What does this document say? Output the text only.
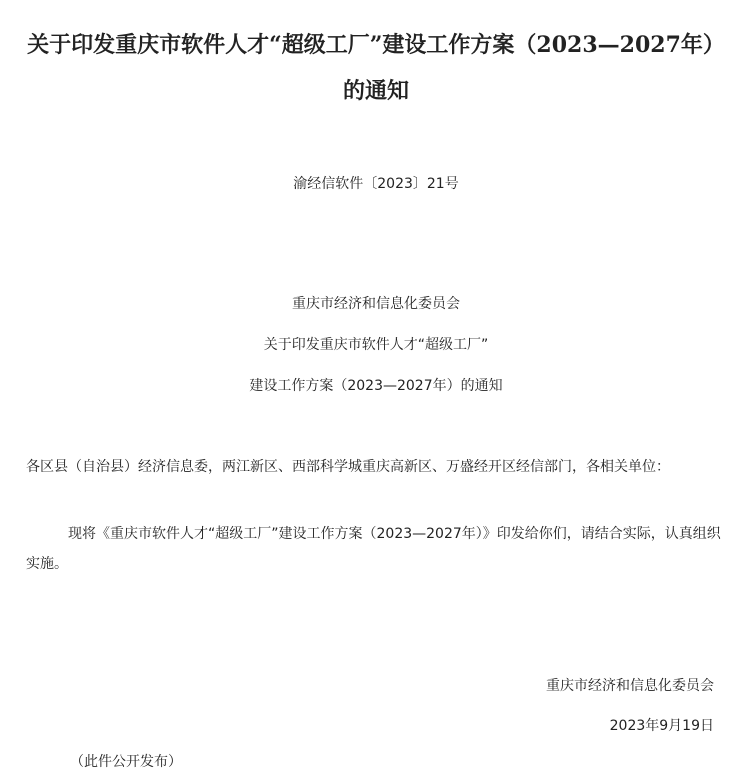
关于印发重庆市软件人才“超级工厂”建设工作方案（2023—2027年）的通知

渝经信软件〔2023〕21号

重庆市经济和信息化委员会

关于印发重庆市软件人才“超级工厂”

建设工作方案（2023—2027年）的通知

各区县（自治县）经济信息委，两江新区、西部科学城重庆高新区、万盛经开区经信部门，各相关单位：

现将《重庆市软件人才“超级工厂”建设工作方案（2023—2027年）》印发给你们，请结合实际，认真组织实施。

重庆市经济和信息化委员会

2023年9月19日

（此件公开发布）
